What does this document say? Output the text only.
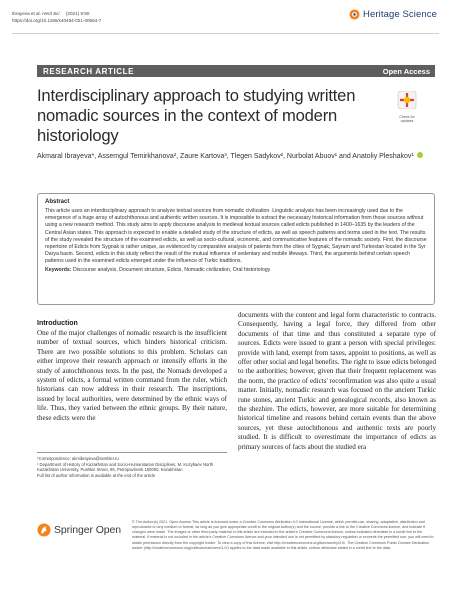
Ibrayeva et al. Herit Sci (2021) 9:90
https://doi.org/10.1186/s40494-021-00564-7	Heritage Science
RESEARCH ARTICLE	Open Access
Interdisciplinary approach to studying written nomadic sources in the context of modern historiology
Check for updates
Akmaral Ibrayeva*, Assemgul Temirkhanova², Zaure Kartova³, Tlegen Sadykov², Nurbolat Abuov¹ and Anatoliy Pleshakov¹
Abstract
This article uses an interdisciplinary approach to analyze textual sources from nomadic civilization. Linguistic analysis has been increasingly used due to the emergence of a huge array of autochthonous and authentic written sources. It is impossible to extract the necessary historical information from those sources without using a new research method. This study aims to apply discourse analysis to medieval textual sources called edicts published in 1400–1635 by the leaders of the Central Asian states. This approach is expected to enable a detailed study of the structure of edicts, as well as speech patterns and terms used in the text. The results of the study revealed the structure of the examined edicts, as well as socio-cultural, economic, and communicative features of the nomadic society. First, the discourse repertoire of Edicts from Sygnak is rather unique, as evidenced by comparative analysis of patents from the cities of Sygnak, Sayram and Turkestan located in the Syr Darya basin. Second, edicts in this study reflect the result of the mutual influence of sedentary and mobile lifeways. Third, the arguments behind certain speech patterns used in the examined edicts emerged under the influence of Turkic traditions.
Keywords: Discourse analysis, Document structure, Edicts, Nomadic civilization, Oral historiology
Introduction

One of the major challenges of nomadic research is the insufficient number of textual sources, which hinders historical criticism. There are two possible solutions to this problem. Scholars can either improve their research approach or intensify efforts in the study of autochthonous texts. In the past, the Nomads developed a system of edicts, a formal written command from the ruler, which historians can now address in their research. The inscriptions, issued by local authorities, were determined by the ethnic ways of life. Thus, they varied between the ethnic groups. By their nature, these edicts were the

documents with the content and legal form characteristic to contracts. Consequently, having a legal force, they differed from other documents of that time and thus constituted a separate type of sources. Edicts were issued to grant a person with special privileges: provide with land, exempt from taxes, appoint to positions, as well as offer other social and legal benefits. The right to issue edicts belonged to the authorities; however, given that their frequent replacement was the norm, the practice of edicts' reconfirmation was also quite a usual matter. Initially, nomadic research was focused on the ancient Turkic rune stones, ancient Turkic and genealogical records, also known as the shezhire. The edicts, however, are more suitable for determining historical timeline and reasons behind certain events than the above sources, yet these autochthonous and authentic texts are poorly studied. It is difficult to overestimate the importance of edicts as primary sources of facts about the studied era

*Correspondence: akmibrayeva@rambler.ru
¹ Department of History of Kazakhstan and Socio-Humanitarian Disciplines, M. Kozybaev North Kazakhstan University, Pushkin Street, 86, Petropavlovsk 150000, Kazakhstan
Full list of author information is available at the end of the article
Springer Open
© The Author(s) 2021. Open Access This article is licensed under a Creative Commons Attribution 4.0 International License, which permits use, sharing, adaptation, distribution and reproduction in any medium or format, as long as you give appropriate credit to the original author(s) and the source, provide a link to the Creative Commons licence, and indicate if changes were made. The images or other third party material in this article are included in the article's Creative Commons licence, unless indicated otherwise in a credit line to the material. If material is not included in the article's Creative Commons licence and your intended use is not permitted by statutory regulation or exceeds the permitted use, you will need to obtain permission directly from the copyright holder. To view a copy of this licence, visit http://creativecommons.org/licenses/by/4.0/. The Creative Commons Public Domain Dedication waiver (http://creativecommons.org/publicdomain/zero/1.0/) applies to the data made available in this article, unless otherwise stated in a credit line to the data.
